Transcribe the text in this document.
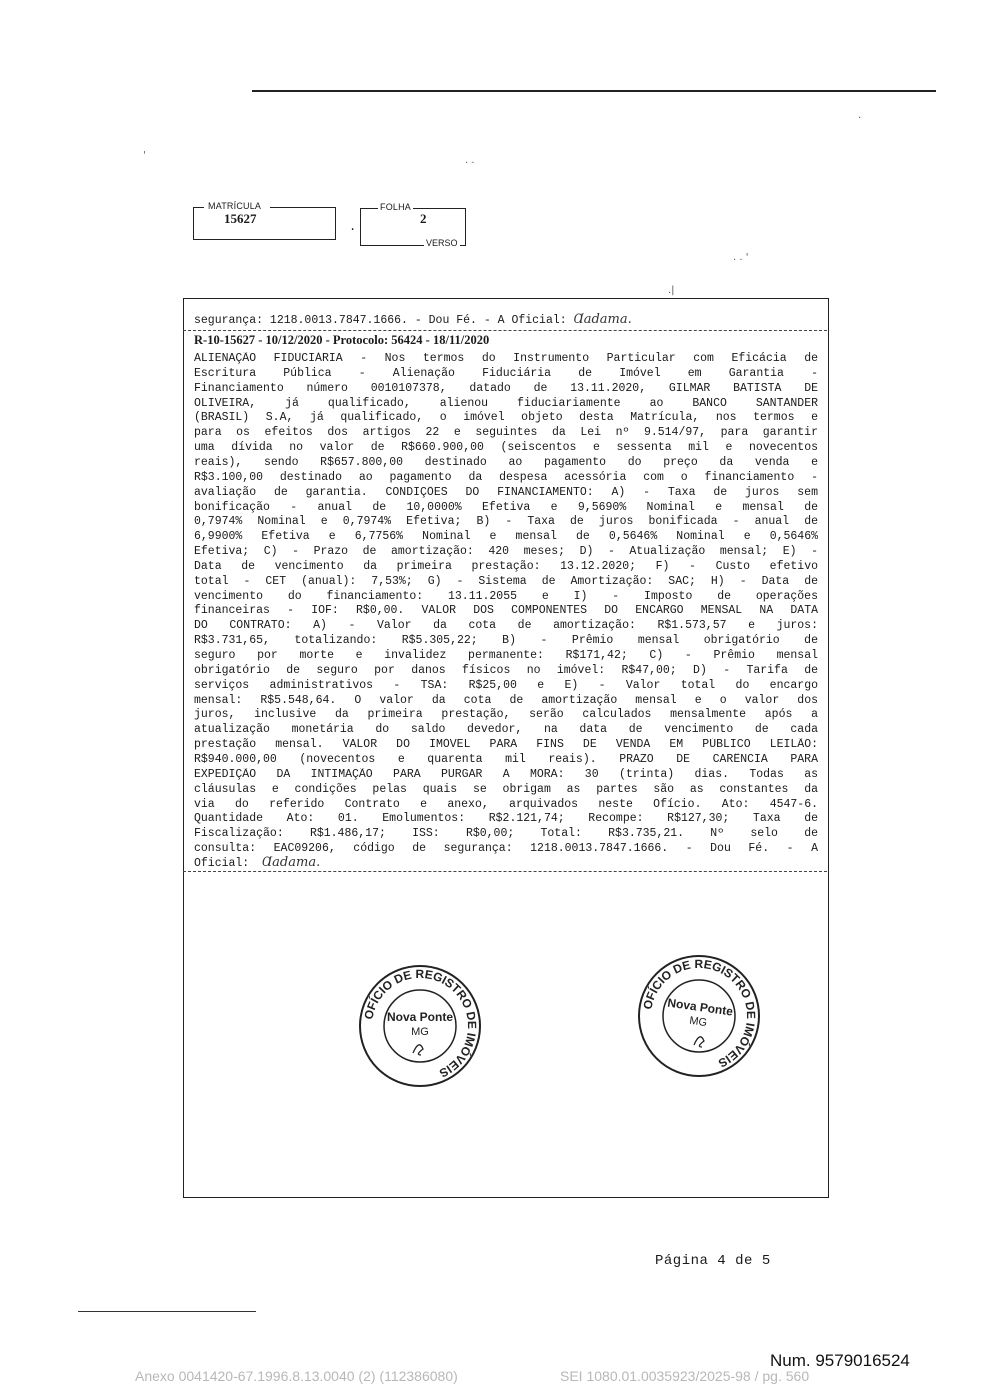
.
. .
'
. . '
.|
MATRÍCULA
15627
.
FOLHA
2
VERSO
segurança: 1218.0013.7847.1666. - Dou Fé. - A Oficial: Ɑadama.
R-10-15627 - 10/12/2020 - Protocolo: 56424 - 18/11/2020
ALIENAÇÃO FIDUCIÁRIA - Nos termos do Instrumento Particular com Eficácia de
Escritura Pública - Alienação Fiduciária de Imóvel em Garantia -
Financiamento número 0010107378, datado de 13.11.2020, GILMAR BATISTA DE
OLIVEIRA, já qualificado, alienou fiduciariamente ao BANCO SANTANDER
(BRASIL) S.A, já qualificado, o imóvel objeto desta Matrícula, nos termos e
para os efeitos dos artigos 22 e seguintes da Lei nº 9.514/97, para garantir
uma dívida no valor de R$660.900,00 (seiscentos e sessenta mil e novecentos
reais), sendo R$657.800,00 destinado ao pagamento do preço da venda e
R$3.100,00 destinado ao pagamento da despesa acessória com o financiamento -
avaliação de garantia. CONDIÇÕES DO FINANCIAMENTO: A) - Taxa de juros sem
bonificação - anual de 10,0000% Efetiva e 9,5690% Nominal e mensal de
0,7974% Nominal e 0,7974% Efetiva; B) - Taxa de juros bonificada - anual de
6,9900% Efetiva e 6,7756% Nominal e mensal de 0,5646% Nominal e 0,5646%
Efetiva; C) - Prazo de amortização: 420 meses; D) - Atualização mensal; E) -
Data de vencimento da primeira prestação: 13.12.2020; F) - Custo efetivo
total - CET (anual): 7,53%; G) - Sistema de Amortização: SAC; H) - Data de
vencimento do financiamento: 13.11.2055 e I) - Imposto de operações
financeiras - IOF: R$0,00. VALOR DOS COMPONENTES DO ENCARGO MENSAL NA DATA
DO CONTRATO: A) - Valor da cota de amortização: R$1.573,57 e juros:
R$3.731,65, totalizando: R$5.305,22; B) - Prêmio mensal obrigatório de
seguro por morte e invalidez permanente: R$171,42; C) - Prêmio mensal
obrigatório de seguro por danos físicos no imóvel: R$47,00; D) - Tarifa de
serviços administrativos - TSA: R$25,00 e E) - Valor total do encargo
mensal: R$5.548,64. O valor da cota de amortização mensal e o valor dos
juros, inclusive da primeira prestação, serão calculados mensalmente após a
atualização monetária do saldo devedor, na data de vencimento de cada
prestação mensal. VALOR DO IMÓVEL PARA FINS DE VENDA EM PÚBLICO LEILÃO:
R$940.000,00 (novecentos e quarenta mil reais). PRAZO DE CARÊNCIA PARA
EXPEDIÇÃO DA INTIMAÇÃO PARA PURGAR A MORA: 30 (trinta) dias. Todas as
cláusulas e condições pelas quais se obrigam as partes são as constantes da
via do referido Contrato e anexo, arquivados neste Ofício. Ato: 4547-6.
Quantidade Ato: 01. Emolumentos: R$2.121,74; Recompe: R$127,30; Taxa de
Fiscalização: R$1.486,17; ISS: R$0,00; Total: R$3.735,21. Nº selo de
consulta: EAC09206, código de segurança: 1218.0013.7847.1666. - Dou Fé. - A
Oficial:
OFÍCIO DE REGISTRO DE IMÓVEIS
Nova Ponte
MG
OFÍCIO DE REGISTRO DE IMÓVEIS
Nova Ponte
MG
Página 4 de 5
Num. 9579016524
Anexo 0041420-67.1996.8.13.0040 (2) (112386080)	SEI 1080.01.0035923/2025-98 / pg. 560
Ɑadama.
